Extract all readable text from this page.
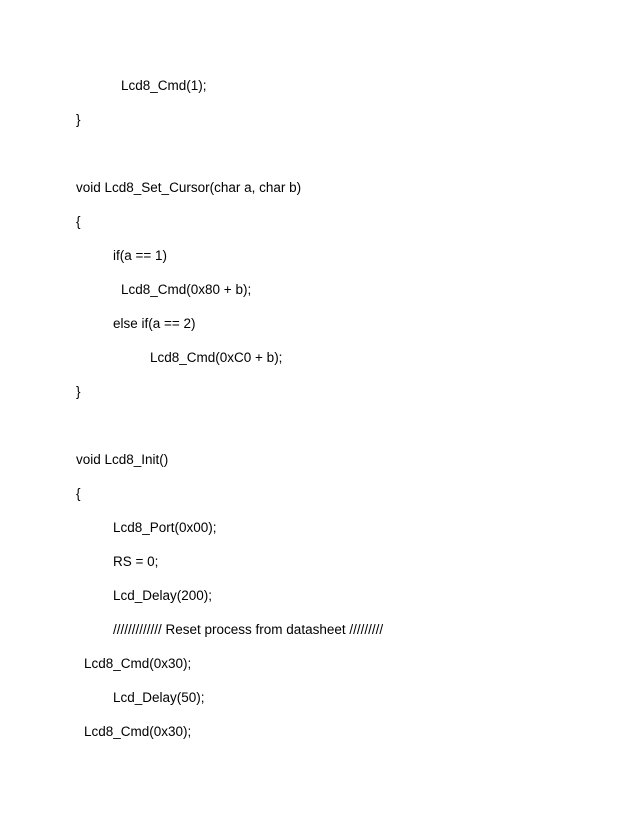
Lcd8_Cmd(1);
}
void Lcd8_Set_Cursor(char a, char b)
{
if(a == 1)
Lcd8_Cmd(0x80 + b);
else if(a == 2)
Lcd8_Cmd(0xC0 + b);
}
void Lcd8_Init()
{
Lcd8_Port(0x00);
RS = 0;
Lcd_Delay(200);
///////////// Reset process from datasheet /////////
Lcd8_Cmd(0x30);
Lcd_Delay(50);
Lcd8_Cmd(0x30);
